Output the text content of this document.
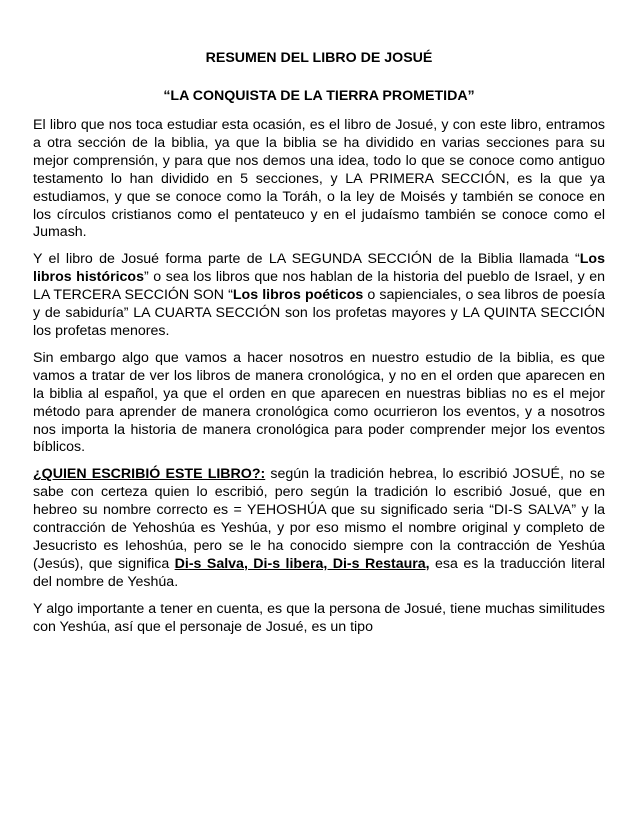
RESUMEN DEL LIBRO DE JOSUÉ
“LA CONQUISTA DE LA TIERRA PROMETIDA”

El libro que nos toca estudiar esta ocasión, es el libro de Josué, y con este libro, entramos a otra sección de la biblia, ya que la biblia se ha dividido en varias secciones para su mejor comprensión, y para que nos demos una idea, todo lo que se conoce como antiguo testamento lo han dividido en 5 secciones, y LA PRIMERA SECCIÓN, es la que ya estudiamos, y que se conoce como la Toráh, o la ley de Moisés y también se conoce en los círculos cristianos como el pentateuco y en el judaísmo también se conoce como el Jumash.

Y el libro de Josué forma parte de LA SEGUNDA SECCIÓN de la Biblia llamada “Los libros históricos” o sea los libros que nos hablan de la historia del pueblo de Israel, y en LA TERCERA SECCIÓN SON “Los libros poéticos o sapienciales, o sea libros de poesía y de sabiduría” LA CUARTA SECCIÓN son los profetas mayores y LA QUINTA SECCIÓN los profetas menores.

Sin embargo algo que vamos a hacer nosotros en nuestro estudio de la biblia, es que vamos a tratar de ver los libros de manera cronológica, y no en el orden que aparecen en la biblia al español, ya que el orden en que aparecen en nuestras biblias no es el mejor método para aprender de manera cronológica como ocurrieron los eventos, y a nosotros nos importa la historia de manera cronológica para poder comprender mejor los eventos bíblicos.

¿QUIEN ESCRIBIÓ ESTE LIBRO?: según la tradición hebrea, lo escribió JOSUÉ, no se sabe con certeza quien lo escribió, pero según la tradición lo escribió Josué, que en hebreo su nombre correcto es = YEHOSHÚA que su significado seria “DI-S SALVA” y la contracción de Yehoshúa es Yeshúa, y por eso mismo el nombre original y completo de Jesucristo es Iehoshúa, pero se le ha conocido siempre con la contracción de Yeshúa (Jesús), que significa Di-s Salva, Di-s libera, Di-s Restaura, esa es la traducción literal del nombre de Yeshúa.

Y algo importante a tener en cuenta, es que la persona de Josué, tiene muchas similitudes con Yeshúa, así que el personaje de Josué, es un tipo
